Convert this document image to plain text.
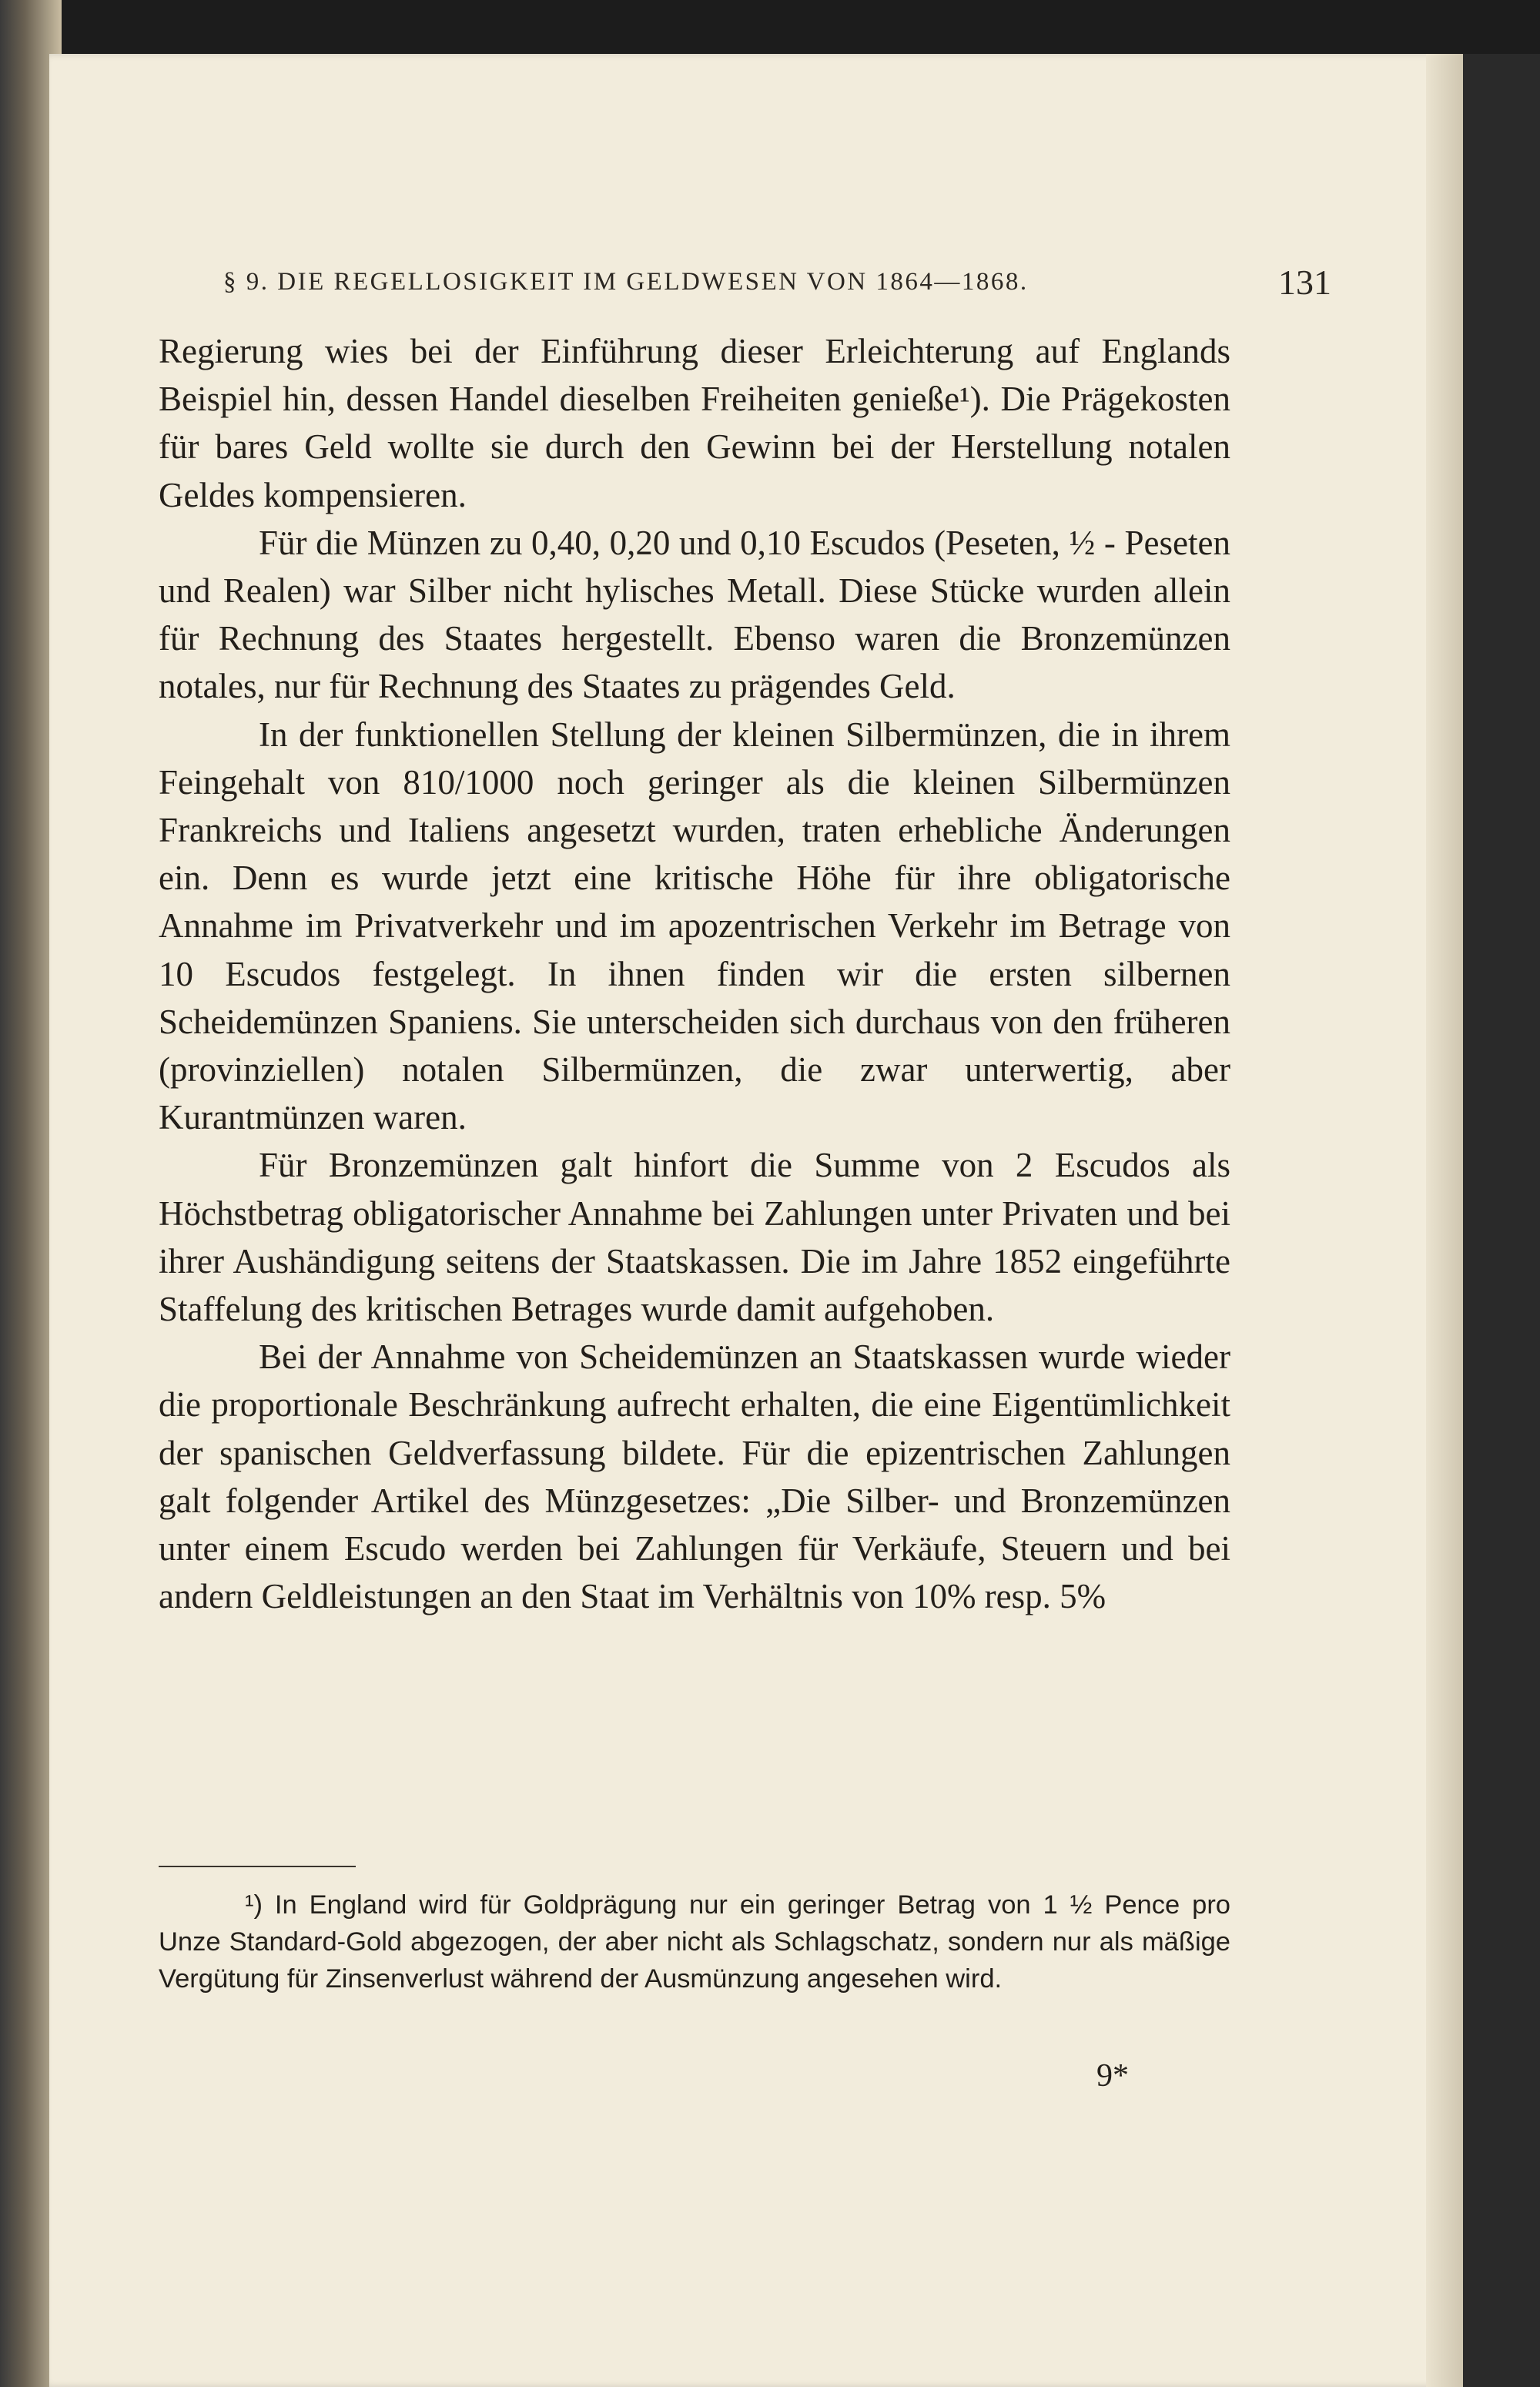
§ 9. DIE REGELLOSIGKEIT IM GELDWESEN VON 1864—1868.	131

Regierung wies bei der Einführung dieser Erleichterung auf Englands Beispiel hin, dessen Handel dieselben Freiheiten genieße¹). Die Prägekosten für bares Geld wollte sie durch den Gewinn bei der Herstellung notalen Geldes kompensieren.

Für die Münzen zu 0,40, 0,20 und 0,10 Escudos (Peseten, ½ - Peseten und Realen) war Silber nicht hylisches Metall. Diese Stücke wurden allein für Rechnung des Staates hergestellt. Ebenso waren die Bronzemünzen notales, nur für Rechnung des Staates zu prägendes Geld.

In der funktionellen Stellung der kleinen Silbermünzen, die in ihrem Feingehalt von 810/1000 noch geringer als die kleinen Silbermünzen Frankreichs und Italiens angesetzt wurden, traten erhebliche Änderungen ein. Denn es wurde jetzt eine kritische Höhe für ihre obligatorische Annahme im Privatverkehr und im apozentrischen Verkehr im Betrage von 10 Escudos festgelegt. In ihnen finden wir die ersten silbernen Scheidemünzen Spaniens. Sie unterscheiden sich durchaus von den früheren (provinziellen) notalen Silbermünzen, die zwar unterwertig, aber Kurantmünzen waren.

Für Bronzemünzen galt hinfort die Summe von 2 Escudos als Höchstbetrag obligatorischer Annahme bei Zahlungen unter Privaten und bei ihrer Aushändigung seitens der Staatskassen. Die im Jahre 1852 eingeführte Staffelung des kritischen Betrages wurde damit aufgehoben.

Bei der Annahme von Scheidemünzen an Staatskassen wurde wieder die proportionale Beschränkung aufrecht erhalten, die eine Eigentümlichkeit der spanischen Geldverfassung bildete. Für die epizentrischen Zahlungen galt folgender Artikel des Münzgesetzes: „Die Silber- und Bronzemünzen unter einem Escudo werden bei Zahlungen für Verkäufe, Steuern und bei andern Geldleistungen an den Staat im Verhältnis von 10% resp. 5%

¹) In England wird für Goldprägung nur ein geringer Betrag von 1 ½ Pence pro Unze Standard-Gold abgezogen, der aber nicht als Schlagschatz, sondern nur als mäßige Vergütung für Zinsenverlust während der Ausmünzung angesehen wird.

9*
